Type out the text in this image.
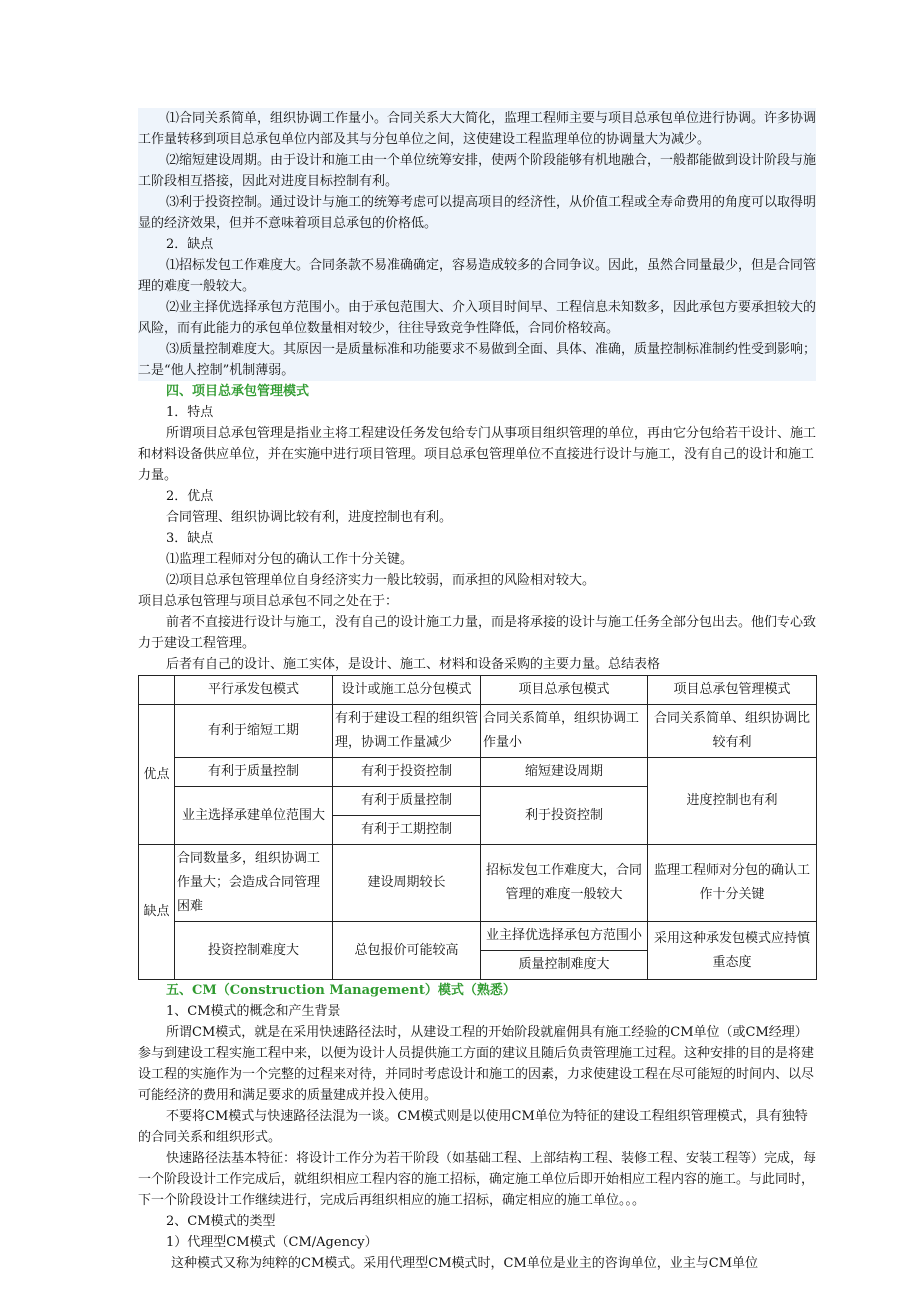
⑴合同关系简单，组织协调工作量小。合同关系大大简化，监理工程师主要与项目总承包单位进行协调。许多协调工作量转移到项目总承包单位内部及其与分包单位之间，这使建设工程监理单位的协调量大为减少。

⑵缩短建设周期。由于设计和施工由一个单位统筹安排，使两个阶段能够有机地融合，一般都能做到设计阶段与施工阶段相互搭接，因此对进度目标控制有利。

⑶利于投资控制。通过设计与施工的统筹考虑可以提高项目的经济性，从价值工程或全寿命费用的角度可以取得明显的经济效果，但并不意味着项目总承包的价格低。

2．缺点

⑴招标发包工作难度大。合同条款不易准确确定，容易造成较多的合同争议。因此，虽然合同量最少，但是合同管理的难度一般较大。

⑵业主择优选择承包方范围小。由于承包范围大、介入项目时间早、工程信息未知数多，因此承包方要承担较大的风险，而有此能力的承包单位数量相对较少，往往导致竞争性降低，合同价格较高。

⑶质量控制难度大。其原因一是质量标准和功能要求不易做到全面、具体、准确，质量控制标准制约性受到影响；二是“他人控制”机制薄弱。

四、项目总承包管理模式

1．特点

所谓项目总承包管理是指业主将工程建设任务发包给专门从事项目组织管理的单位，再由它分包给若干设计、施工和材料设备供应单位，并在实施中进行项目管理。项目总承包管理单位不直接进行设计与施工，没有自己的设计和施工力量。

2．优点

合同管理、组织协调比较有利，进度控制也有利。

3．缺点

⑴监理工程师对分包的确认工作十分关键。

⑵项目总承包管理单位自身经济实力一般比较弱，而承担的风险相对较大。

项目总承包管理与项目总承包不同之处在于：

前者不直接进行设计与施工，没有自己的设计施工力量，而是将承接的设计与施工任务全部分包出去。他们专心致力于建设工程管理。

后者有自己的设计、施工实体，是设计、施工、材料和设备采购的主要力量。总结表格

	平行承发包模式	设计或施工总分包模式	项目总承包模式	项目总承包管理模式
优点	有利于缩短工期	有利于建设工程的组织管理，协调工作量减少	合同关系简单，组织协调工作量小	合同关系简单、组织协调比较有利
	有利于质量控制	有利于投资控制	缩短建设周期	进度控制也有利
	业主选择承建单位范围大	有利于质量控制	利于投资控制	
		有利于工期控制		
缺点	合同数量多，组织协调工作量大；会造成合同管理困难	建设周期较长	招标发包工作难度大，合同管理的难度一般较大	监理工程师对分包的确认工作十分关键
	投资控制难度大	总包报价可能较高	业主择优选择承包方范围小	采用这种承发包模式应持慎重态度
			质量控制难度大	

五、CM（Construction Management）模式（熟悉）

1、CM模式的概念和产生背景

所谓CM模式，就是在采用快速路径法时，从建设工程的开始阶段就雇佣具有施工经验的CM单位（或CM经理）参与到建设工程实施工程中来，以便为设计人员提供施工方面的建议且随后负责管理施工过程。这种安排的目的是将建设工程的实施作为一个完整的过程来对待，并同时考虑设计和施工的因素，力求使建设工程在尽可能短的时间内、以尽可能经济的费用和满足要求的质量建成并投入使用。

不要将CM模式与快速路径法混为一谈。CM模式则是以使用CM单位为特征的建设工程组织管理模式，具有独特的合同关系和组织形式。

快速路径法基本特征：将设计工作分为若干阶段（如基础工程、上部结构工程、装修工程、安装工程等）完成，每一个阶段设计工作完成后，就组织相应工程内容的施工招标，确定施工单位后即开始相应工程内容的施工。与此同时，下一个阶段设计工作继续进行，完成后再组织相应的施工招标，确定相应的施工单位。。。

2、CM模式的类型

1）代理型CM模式（CM/Agency）

这种模式又称为纯粹的CM模式。采用代理型CM模式时，CM单位是业主的咨询单位，业主与CM单位
